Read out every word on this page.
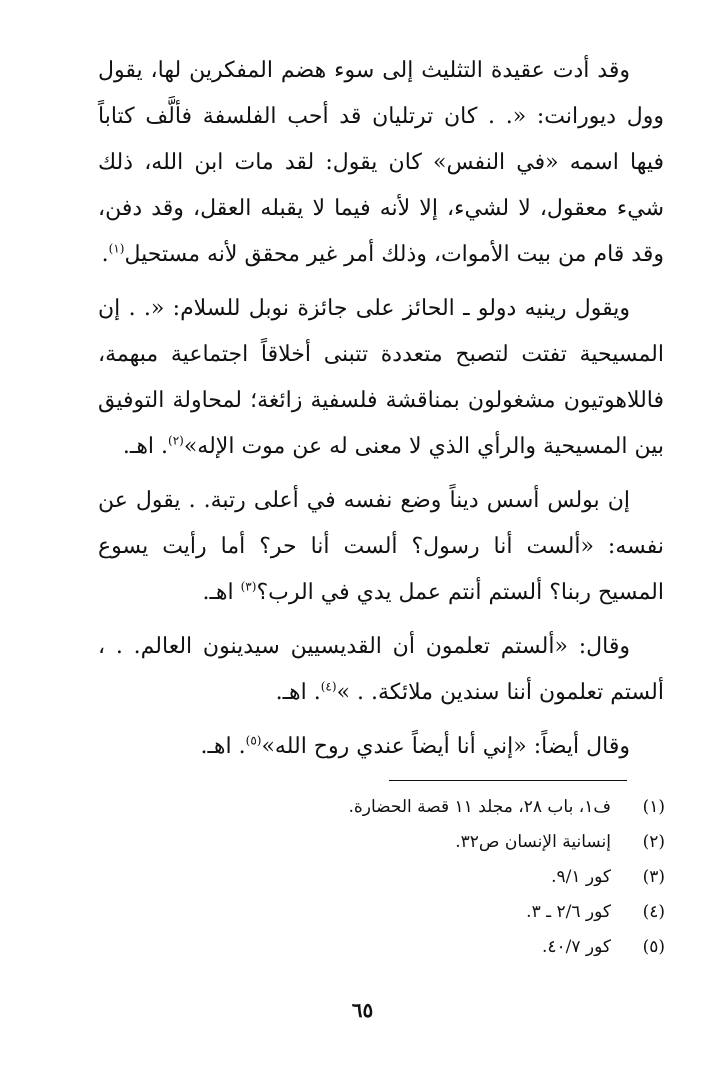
وقد أدت عقيدة التثليث إلى سوء هضم المفكرين لها، يقول وول ديورانت: «. . كان ترتليان قد أحب الفلسفة فألَّف كتاباً فيها اسمه «في النفس» كان يقول: لقد مات ابن الله، ذلك شيء معقول، لا لشيء، إلا لأنه فيما لا يقبله العقل، وقد دفن، وقد قام من بيت الأموات، وذلك أمر غير محقق لأنه مستحيل$^{(١)}$.

ويقول رينيه دولو ـ الحائز على جائزة نوبل للسلام: «. . إن المسيحية تفتت لتصبح متعددة تتبنى أخلاقاً اجتماعية مبهمة، فاللاهوتيون مشغولون بمناقشة فلسفية زائغة؛ لمحاولة التوفيق بين المسيحية والرأي الذي لا معنى له عن موت الإله»$^{(٢)}$. اهـ.

إن بولس أسس ديناً وضع نفسه في أعلى رتبة. . يقول عن نفسه: «ألست أنا رسول؟ ألست أنا حر؟ أما رأيت يسوع المسيح ربنا؟ ألستم أنتم عمل يدي في الرب؟$^{(٣)}$ اهـ.

وقال: «ألستم تعلمون أن القديسيين سيدينون العالم. . ، ألستم تعلمون أننا سندين ملائكة. . »$^{(٤)}$. اهـ.

وقال أيضاً: «إني أنا أيضاً عندي روح الله»$^{(٥)}$. اهـ.

(١)
ف١، باب ٢٨، مجلد ١١ قصة الحضارة.
(٢)
إنسانية الإنسان ص٣٢.
(٣)
كور ٩/١.
(٤)
كور ٢/٦ ـ ٣.
(٥)
كور ٤٠/٧.
٦٥
